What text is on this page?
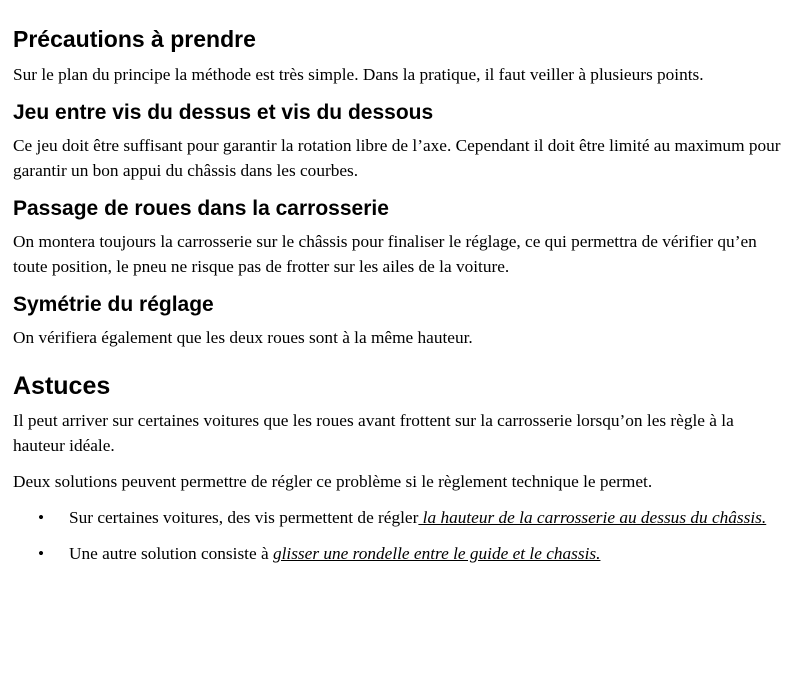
Précautions à prendre

Sur le plan du principe la méthode est très simple. Dans la pratique, il faut veiller à plusieurs points.

Jeu entre vis du dessus et vis du dessous

Ce jeu doit être suffisant pour garantir la rotation libre de l’axe. Cependant il doit être limité au maximum pour garantir un bon appui du châssis dans les courbes.

Passage de roues dans la carrosserie

On montera toujours la carrosserie sur le châssis pour finaliser le réglage, ce qui permettra de vérifier qu’en toute position, le pneu ne risque pas de frotter sur les ailes de la voiture.

Symétrie du réglage

On vérifiera également que les deux roues sont à la même hauteur.

Astuces

Il peut arriver sur certaines voitures que les roues avant frottent sur la carrosserie lorsqu’on les règle à la hauteur idéale.

Deux solutions peuvent permettre de régler ce problème si le règlement technique le permet.

• Sur certaines voitures, des vis permettent de régler la hauteur de la carrosserie au dessus du châssis.
• Une autre solution consiste à glisser une rondelle entre le guide et le chassis.
